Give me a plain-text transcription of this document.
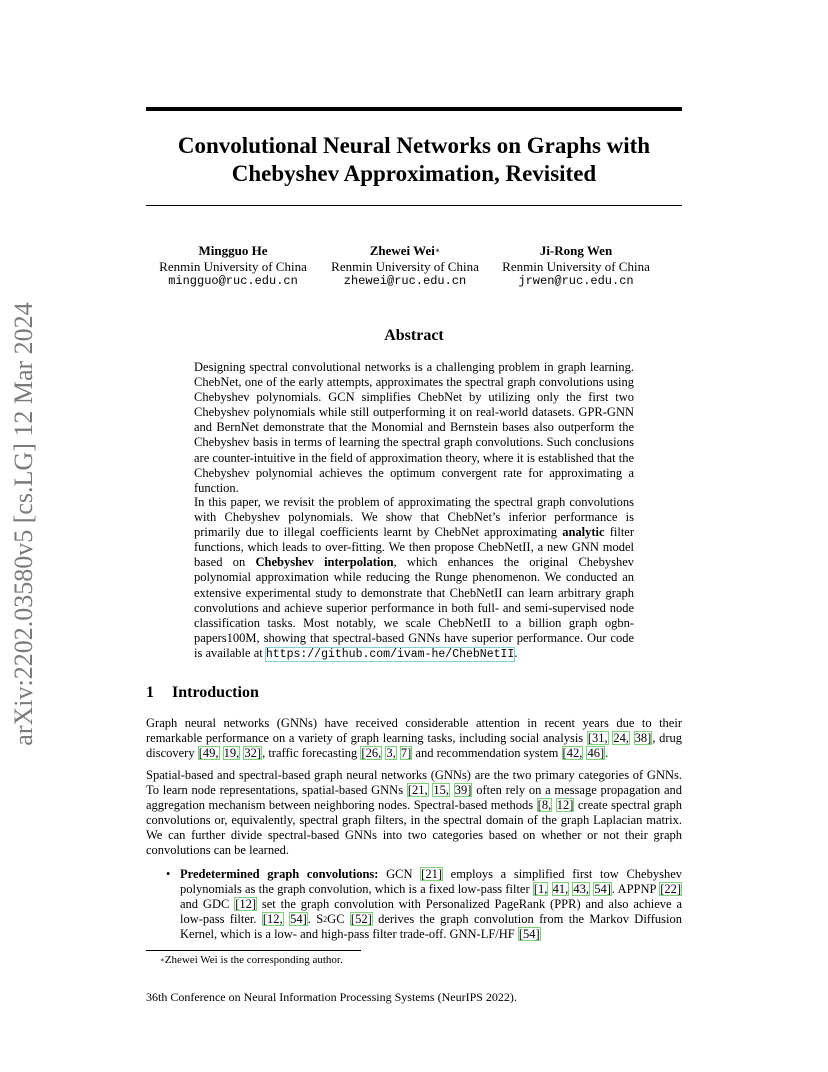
arXiv:2202.03580v5 [cs.LG] 12 Mar 2024
Convolutional Neural Networks on Graphs with
Chebyshev Approximation, Revisited
Mingguo He
Renmin University of China
mingguo@ruc.edu.cn
Zhewei Wei∗
Renmin University of China
zhewei@ruc.edu.cn
Ji-Rong Wen
Renmin University of China
jrwen@ruc.edu.cn
Abstract

Designing spectral convolutional networks is a challenging problem in graph learning. ChebNet, one of the early attempts, approximates the spectral graph convolutions using Chebyshev polynomials. GCN simplifies ChebNet by utilizing only the first two Chebyshev polynomials while still outperforming it on real-world datasets. GPR-GNN and BernNet demonstrate that the Monomial and Bernstein bases also outperform the Chebyshev basis in terms of learning the spectral graph convolutions. Such conclusions are counter-intuitive in the field of approximation theory, where it is established that the Chebyshev polynomial achieves the optimum convergent rate for approximating a function.

In this paper, we revisit the problem of approximating the spectral graph convolutions with Chebyshev polynomials. We show that ChebNet’s inferior performance is primarily due to illegal coefficients learnt by ChebNet approximating analytic filter functions, which leads to over-fitting. We then propose ChebNetII, a new GNN model based on Chebyshev interpolation, which enhances the original Chebyshev polynomial approximation while reducing the Runge phenomenon. We conducted an extensive experimental study to demonstrate that ChebNetII can learn arbitrary graph convolutions and achieve superior performance in both full- and semi-supervised node classification tasks. Most notably, we scale ChebNetII to a billion graph ogbn-papers100M, showing that spectral-based GNNs have superior performance. Our code is available at https://github.com/ivam-he/ChebNetII.

1 Introduction

Graph neural networks (GNNs) have received considerable attention in recent years due to their remarkable performance on a variety of graph learning tasks, including social analysis [31, 24, 38], drug discovery [49, 19, 32], traffic forecasting [26, 3, 7] and recommendation system [42, 46].

Spatial-based and spectral-based graph neural networks (GNNs) are the two primary categories of GNNs. To learn node representations, spatial-based GNNs [21, 15, 39] often rely on a message propagation and aggregation mechanism between neighboring nodes. Spectral-based methods [8, 12] create spectral graph convolutions or, equivalently, spectral graph filters, in the spectral domain of the graph Laplacian matrix. We can further divide spectral-based GNNs into two categories based on whether or not their graph convolutions can be learned.

• Predetermined graph convolutions: GCN [21] employs a simplified first tow Chebyshev polynomials as the graph convolution, which is a fixed low-pass filter [1, 41, 43, 54]. APPNP [22] and GDC [12] set the graph convolution with Personalized PageRank (PPR) and also achieve a low-pass filter. [12, 54]. $S^2GC$ [52] derives the graph convolution from the Markov Diffusion Kernel, which is a low- and high-pass filter trade-off. GNN-LF/HF [54]

∗Zhewei Wei is the corresponding author.
36th Conference on Neural Information Processing Systems (NeurIPS 2022).
